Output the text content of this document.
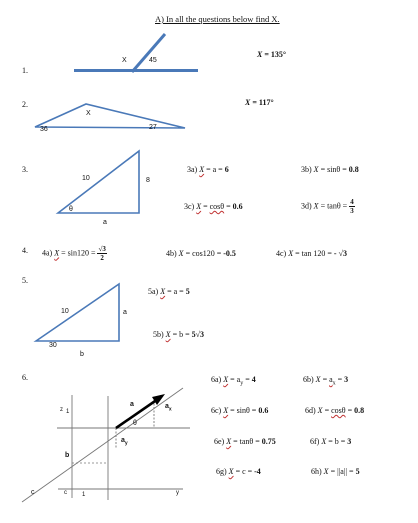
A) In all the questions below find X.
1.
2.
3.
4.
5.
6.
X	45
X = 135°
X
36	27
X = 117°
10	8
θ
a
3a) X = a = 6	3b) X = sinθ = 0.8
3c) X = cosθ = 0.6	3d) $X = \tan\theta = \frac{4}{3}$
4a) $X = \sin 120 = \frac{√3}{2}$	4b) X = cos120 = -0.5	4c) X = tan 120 = - √3
10	a
30
b
5a) X = a = 5
5b) X = b = 5√3
a	$a_x$
$a_y$
θ
z 1
1
b
c	c	y
6a) $X = a_y = 4$	6b) $X = a_x = 3$
6c) X = sinθ = 0.6	6d) X = cosθ = 0.8
6e) X = tanθ = 0.75	6f) X = b = 3
6g) X = c = -4	6h) X = ||a|| = 5
